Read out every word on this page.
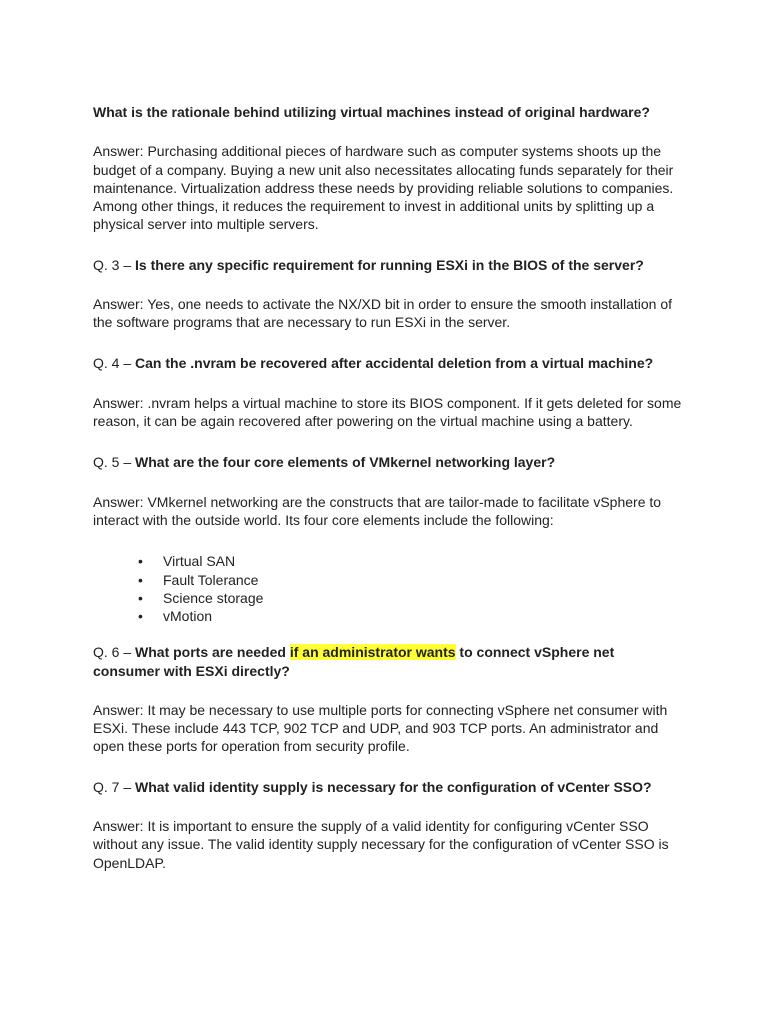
What is the rationale behind utilizing virtual machines instead of original hardware?

Answer: Purchasing additional pieces of hardware such as computer systems shoots up the budget of a company. Buying a new unit also necessitates allocating funds separately for their maintenance. Virtualization address these needs by providing reliable solutions to companies. Among other things, it reduces the requirement to invest in additional units by splitting up a physical server into multiple servers.

Q. 3 – Is there any specific requirement for running ESXi in the BIOS of the server?

Answer: Yes, one needs to activate the NX/XD bit in order to ensure the smooth installation of the software programs that are necessary to run ESXi in the server.

Q. 4 – Can the .nvram be recovered after accidental deletion from a virtual machine?

Answer: .nvram helps a virtual machine to store its BIOS component. If it gets deleted for some reason, it can be again recovered after powering on the virtual machine using a battery.

Q. 5 – What are the four core elements of VMkernel networking layer?

Answer: VMkernel networking are the constructs that are tailor-made to facilitate vSphere to interact with the outside world. Its four core elements include the following:

• Virtual SAN
• Fault Tolerance
• Science storage
• vMotion

Q. 6 – What ports are needed if an administrator wants to connect vSphere net consumer with ESXi directly?

Answer: It may be necessary to use multiple ports for connecting vSphere net consumer with ESXi. These include 443 TCP, 902 TCP and UDP, and 903 TCP ports. An administrator and open these ports for operation from security profile.

Q. 7 – What valid identity supply is necessary for the configuration of vCenter SSO?

Answer: It is important to ensure the supply of a valid identity for configuring vCenter SSO without any issue. The valid identity supply necessary for the configuration of vCenter SSO is OpenLDAP.
